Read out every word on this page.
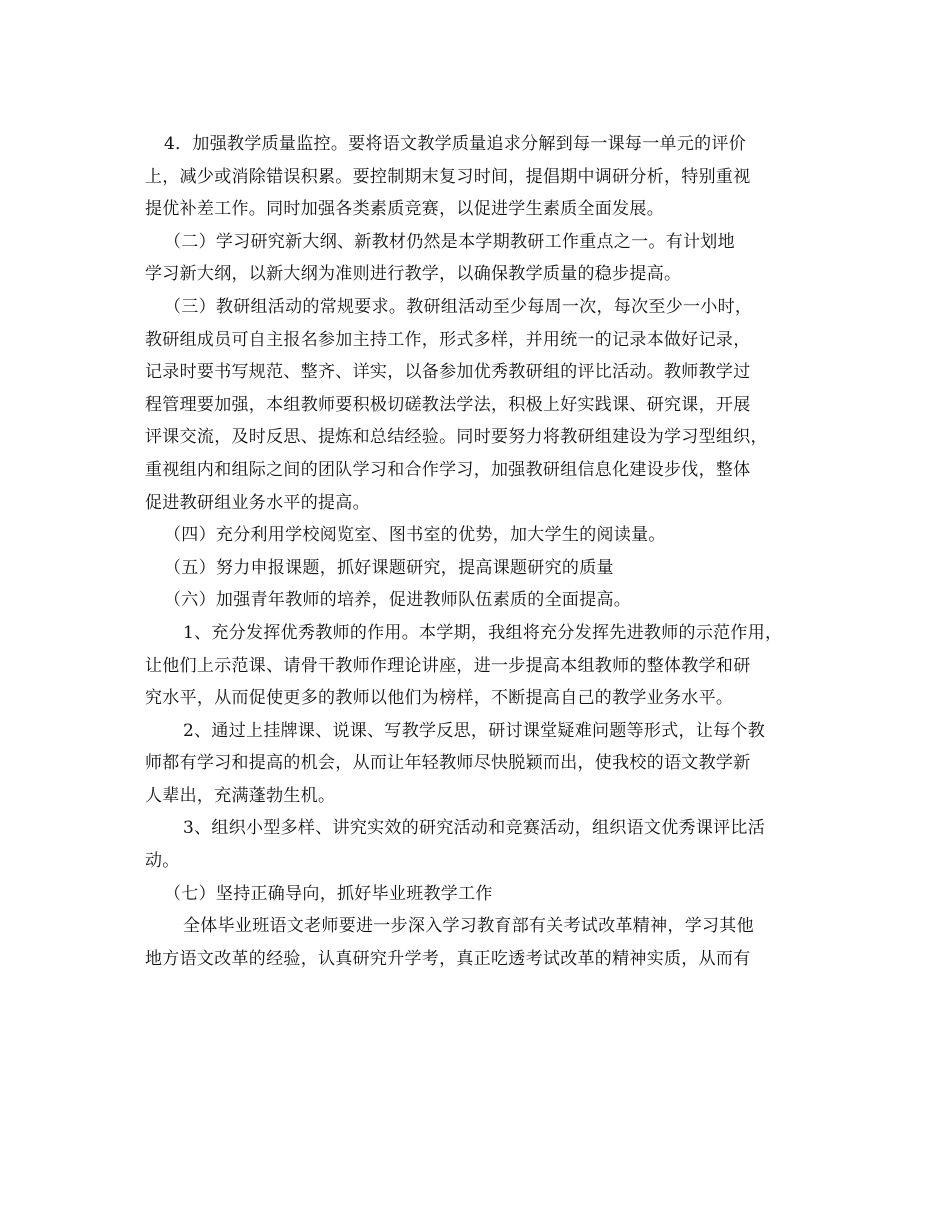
4．加强教学质量监控。要将语文教学质量追求分解到每一课每一单元的评价
上，减少或消除错误积累。要控制期末复习时间，提倡期中调研分析，特别重视
提优补差工作。同时加强各类素质竞赛，以促进学生素质全面发展。
（二）学习研究新大纲、新教材仍然是本学期教研工作重点之一。有计划地
学习新大纲，以新大纲为准则进行教学，以确保教学质量的稳步提高。
（三）教研组活动的常规要求。教研组活动至少每周一次，每次至少一小时，
教研组成员可自主报名参加主持工作，形式多样，并用统一的记录本做好记录，
记录时要书写规范、整齐、详实，以备参加优秀教研组的评比活动。教师教学过
程管理要加强，本组教师要积极切磋教法学法，积极上好实践课、研究课，开展
评课交流，及时反思、提炼和总结经验。同时要努力将教研组建设为学习型组织，
重视组内和组际之间的团队学习和合作学习，加强教研组信息化建设步伐，整体
促进教研组业务水平的提高。
（四）充分利用学校阅览室、图书室的优势，加大学生的阅读量。
（五）努力申报课题，抓好课题研究，提高课题研究的质量
（六）加强青年教师的培养，促进教师队伍素质的全面提高。
1、充分发挥优秀教师的作用。本学期，我组将充分发挥先进教师的示范作用，
让他们上示范课、请骨干教师作理论讲座，进一步提高本组教师的整体教学和研
究水平，从而促使更多的教师以他们为榜样，不断提高自己的教学业务水平。
2、通过上挂牌课、说课、写教学反思，研讨课堂疑难问题等形式，让每个教
师都有学习和提高的机会，从而让年轻教师尽快脱颖而出，使我校的语文教学新
人辈出，充满蓬勃生机。
3、组织小型多样、讲究实效的研究活动和竞赛活动，组织语文优秀课评比活
动。
（七）坚持正确导向，抓好毕业班教学工作
全体毕业班语文老师要进一步深入学习教育部有关考试改革精神，学习其他
地方语文改革的经验，认真研究升学考，真正吃透考试改革的精神实质，从而有
